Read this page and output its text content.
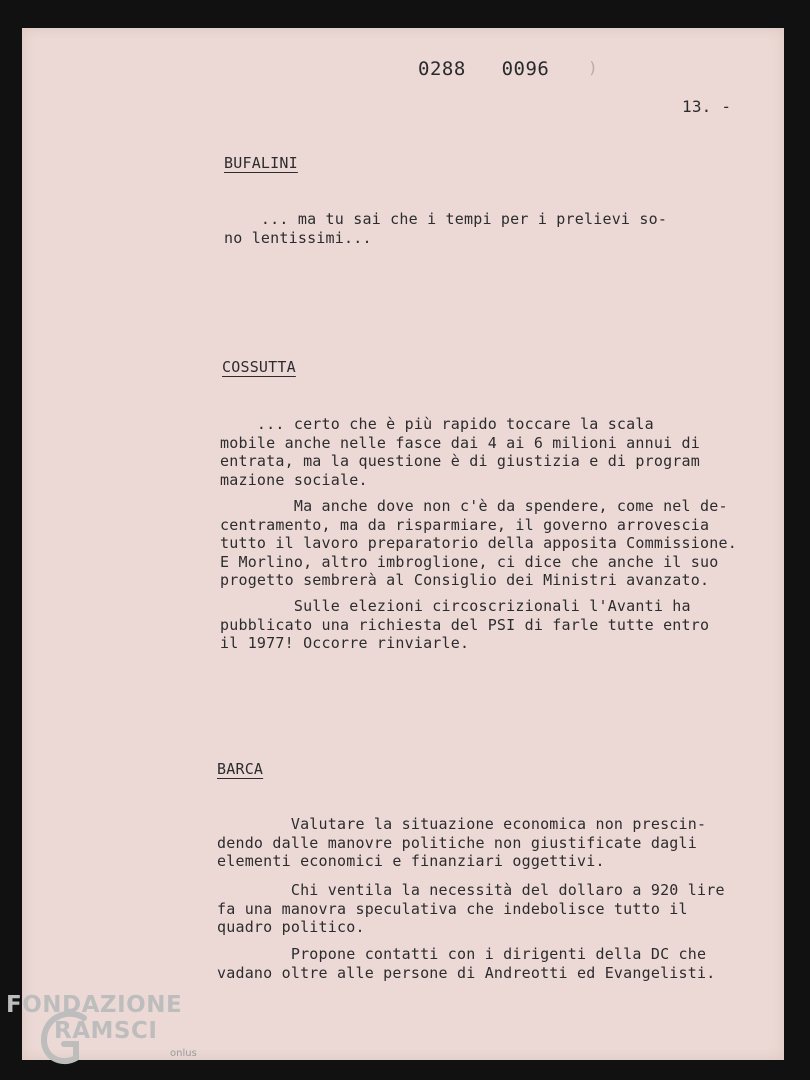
0288   0096 )
13. -
BUFALINI
... ma tu sai che i tempi per i prelievi so-
no lentissimi...
COSSUTTA
... certo che è più rapido toccare la scala
mobile anche nelle fasce dai 4 ai 6 milioni annui di
entrata, ma la questione è di giustizia e di program
mazione sociale.
Ma anche dove non c'è da spendere, come nel de-
centramento, ma da risparmiare, il governo arrovescia
tutto il lavoro preparatorio della apposita Commissione.
E Morlino, altro imbroglione, ci dice che anche il suo
progetto sembrerà al Consiglio dei Ministri avanzato.
Sulle elezioni circoscrizionali l'Avanti ha
pubblicato una richiesta del PSI di farle tutte entro
il 1977! Occorre rinviarle.
BARCA
Valutare la situazione economica non prescin-
dendo dalle manovre politiche non giustificate dagli
elementi economici e finanziari oggettivi.
Chi ventila la necessità del dollaro a 920 lire
fa una manovra speculativa che indebolisce tutto il
quadro politico.
Propone contatti con i dirigenti della DC che
vadano oltre alle persone di Andreotti ed Evangelisti.
FONDAZIONE
RAMSCI
onlus
